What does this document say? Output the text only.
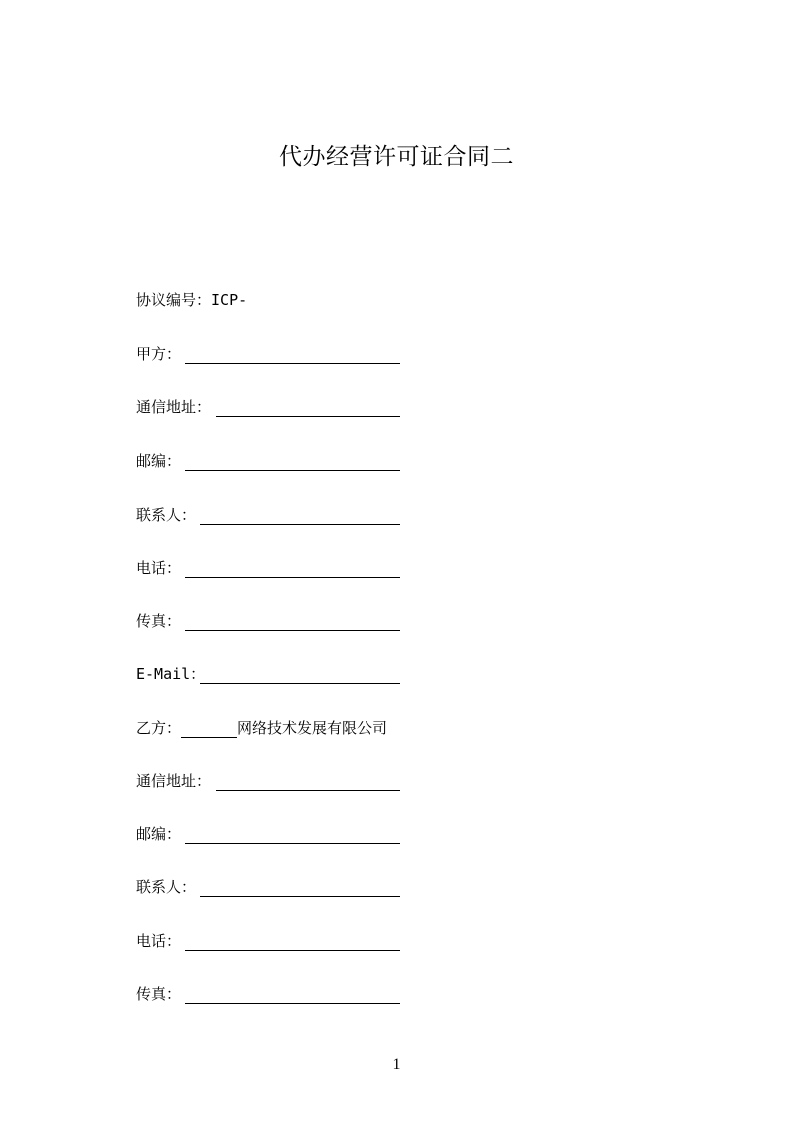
代办经营许可证合同二
协议编号：ICP-
甲方：
通信地址：
邮编：
联系人：
电话：
传真：
E-Mail：
乙方：	网络技术发展有限公司
通信地址：
邮编：
联系人：
电话：
传真：
1
